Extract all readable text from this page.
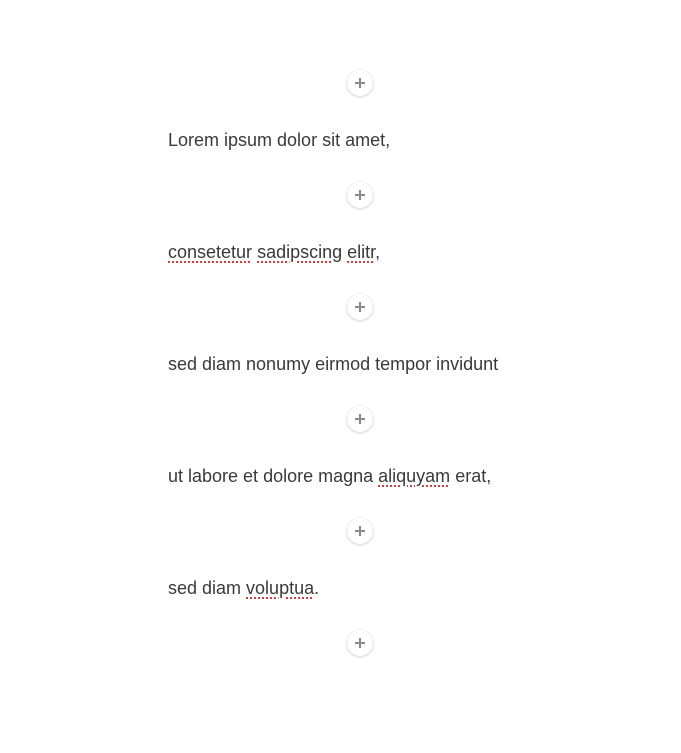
Lorem ipsum dolor sit amet,

consetetur sadipscing elitr,

sed diam nonumy eirmod tempor invidunt

ut labore et dolore magna aliquyam erat,

sed diam voluptua.
